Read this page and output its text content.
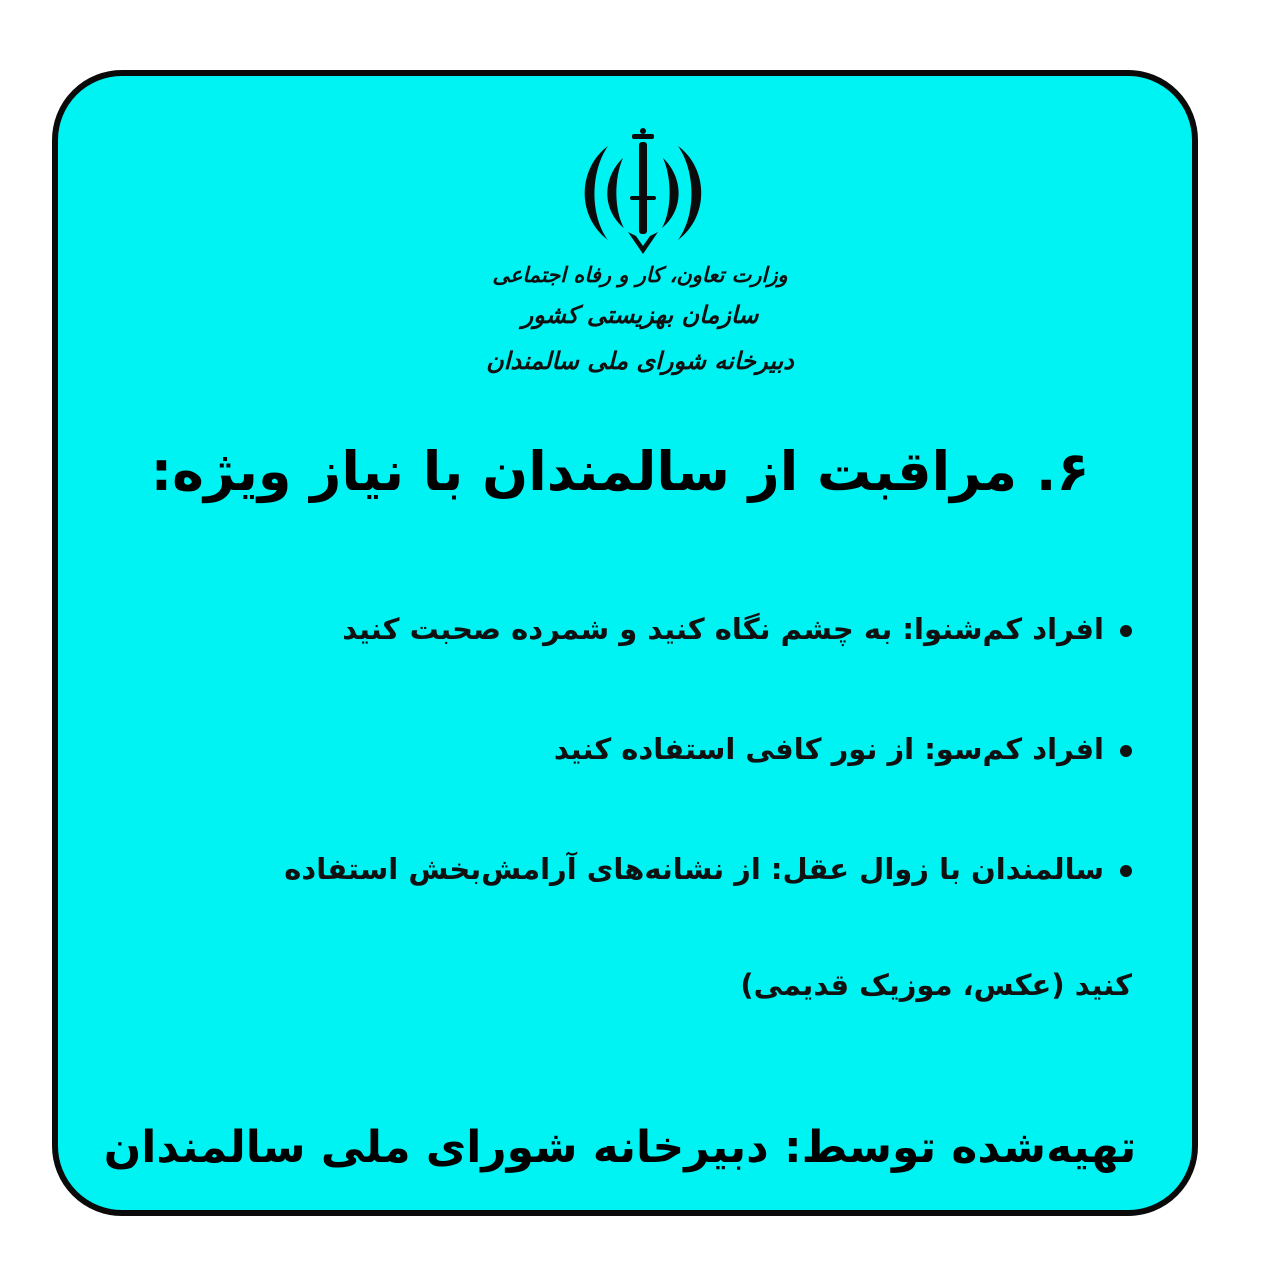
وزارت تعاون، کار و رفاه اجتماعی
سازمان بهزیستی کشور
دبیرخانه شورای ملی سالمندان
۶. مراقبت از سالمندان با نیاز ویژه:
افراد کم‌شنوا: به چشم نگاه کنید و شمرده صحبت کنید
افراد کم‌سو: از نور کافی استفاده کنید
سالمندان با زوال عقل: از نشانه‌های آرامش‌بخش استفاده
کنید (عکس، موزیک قدیمی)
تهیه‌شده توسط: دبیرخانه شورای ملی سالمندان
